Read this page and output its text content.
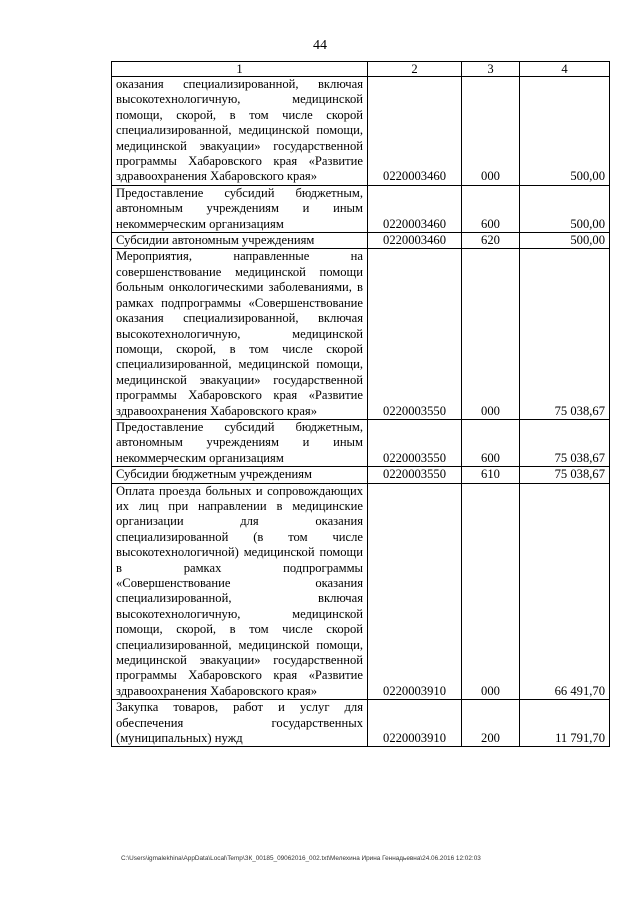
44
1	2	3	4
оказания специализированной, включая высокотехнологичную, медицинской помощи, скорой, в том числе скорой специализированной, медицинской помощи, медицинской эвакуации» государственной программы Хабаровского края «Развитие здравоохранения Хабаровского края»	0220003460	000	500,00
Предоставление субсидий бюджетным, автономным учреждениям и иным некоммерческим организациям	0220003460	600	500,00
Субсидии автономным учреждениям	0220003460	620	500,00
Мероприятия, направленные на совершенствование медицинской помощи больным онкологическими заболеваниями, в рамках подпрограммы «Совершенствование оказания специализированной, включая высокотехнологичную, медицинской помощи, скорой, в том числе скорой специализированной, медицинской помощи, медицинской эвакуации» государственной программы Хабаровского края «Развитие здравоохранения Хабаровского края»	0220003550	000	75 038,67
Предоставление субсидий бюджетным, автономным учреждениям и иным некоммерческим организациям	0220003550	600	75 038,67
Субсидии бюджетным учреждениям	0220003550	610	75 038,67
Оплата проезда больных и сопровождающих их лиц при направлении в медицинские организации для оказания специализированной (в том числе высокотехнологичной) медицинской помощи в рамках подпрограммы «Совершенствование оказания специализированной, включая высокотехнологичную, медицинской помощи, скорой, в том числе скорой специализированной, медицинской помощи, медицинской эвакуации» государственной программы Хабаровского края «Развитие здравоохранения Хабаровского края»	0220003910	000	66 491,70
Закупка товаров, работ и услуг для обеспечения государственных (муниципальных) нужд	0220003910	200	11 791,70
C:\Users\igmalekhina\AppData\Local\Temp\ЗК_00185_09062016_002.txt\Мелехина Ирина Геннадьевна\24.06.2016 12:02:03
